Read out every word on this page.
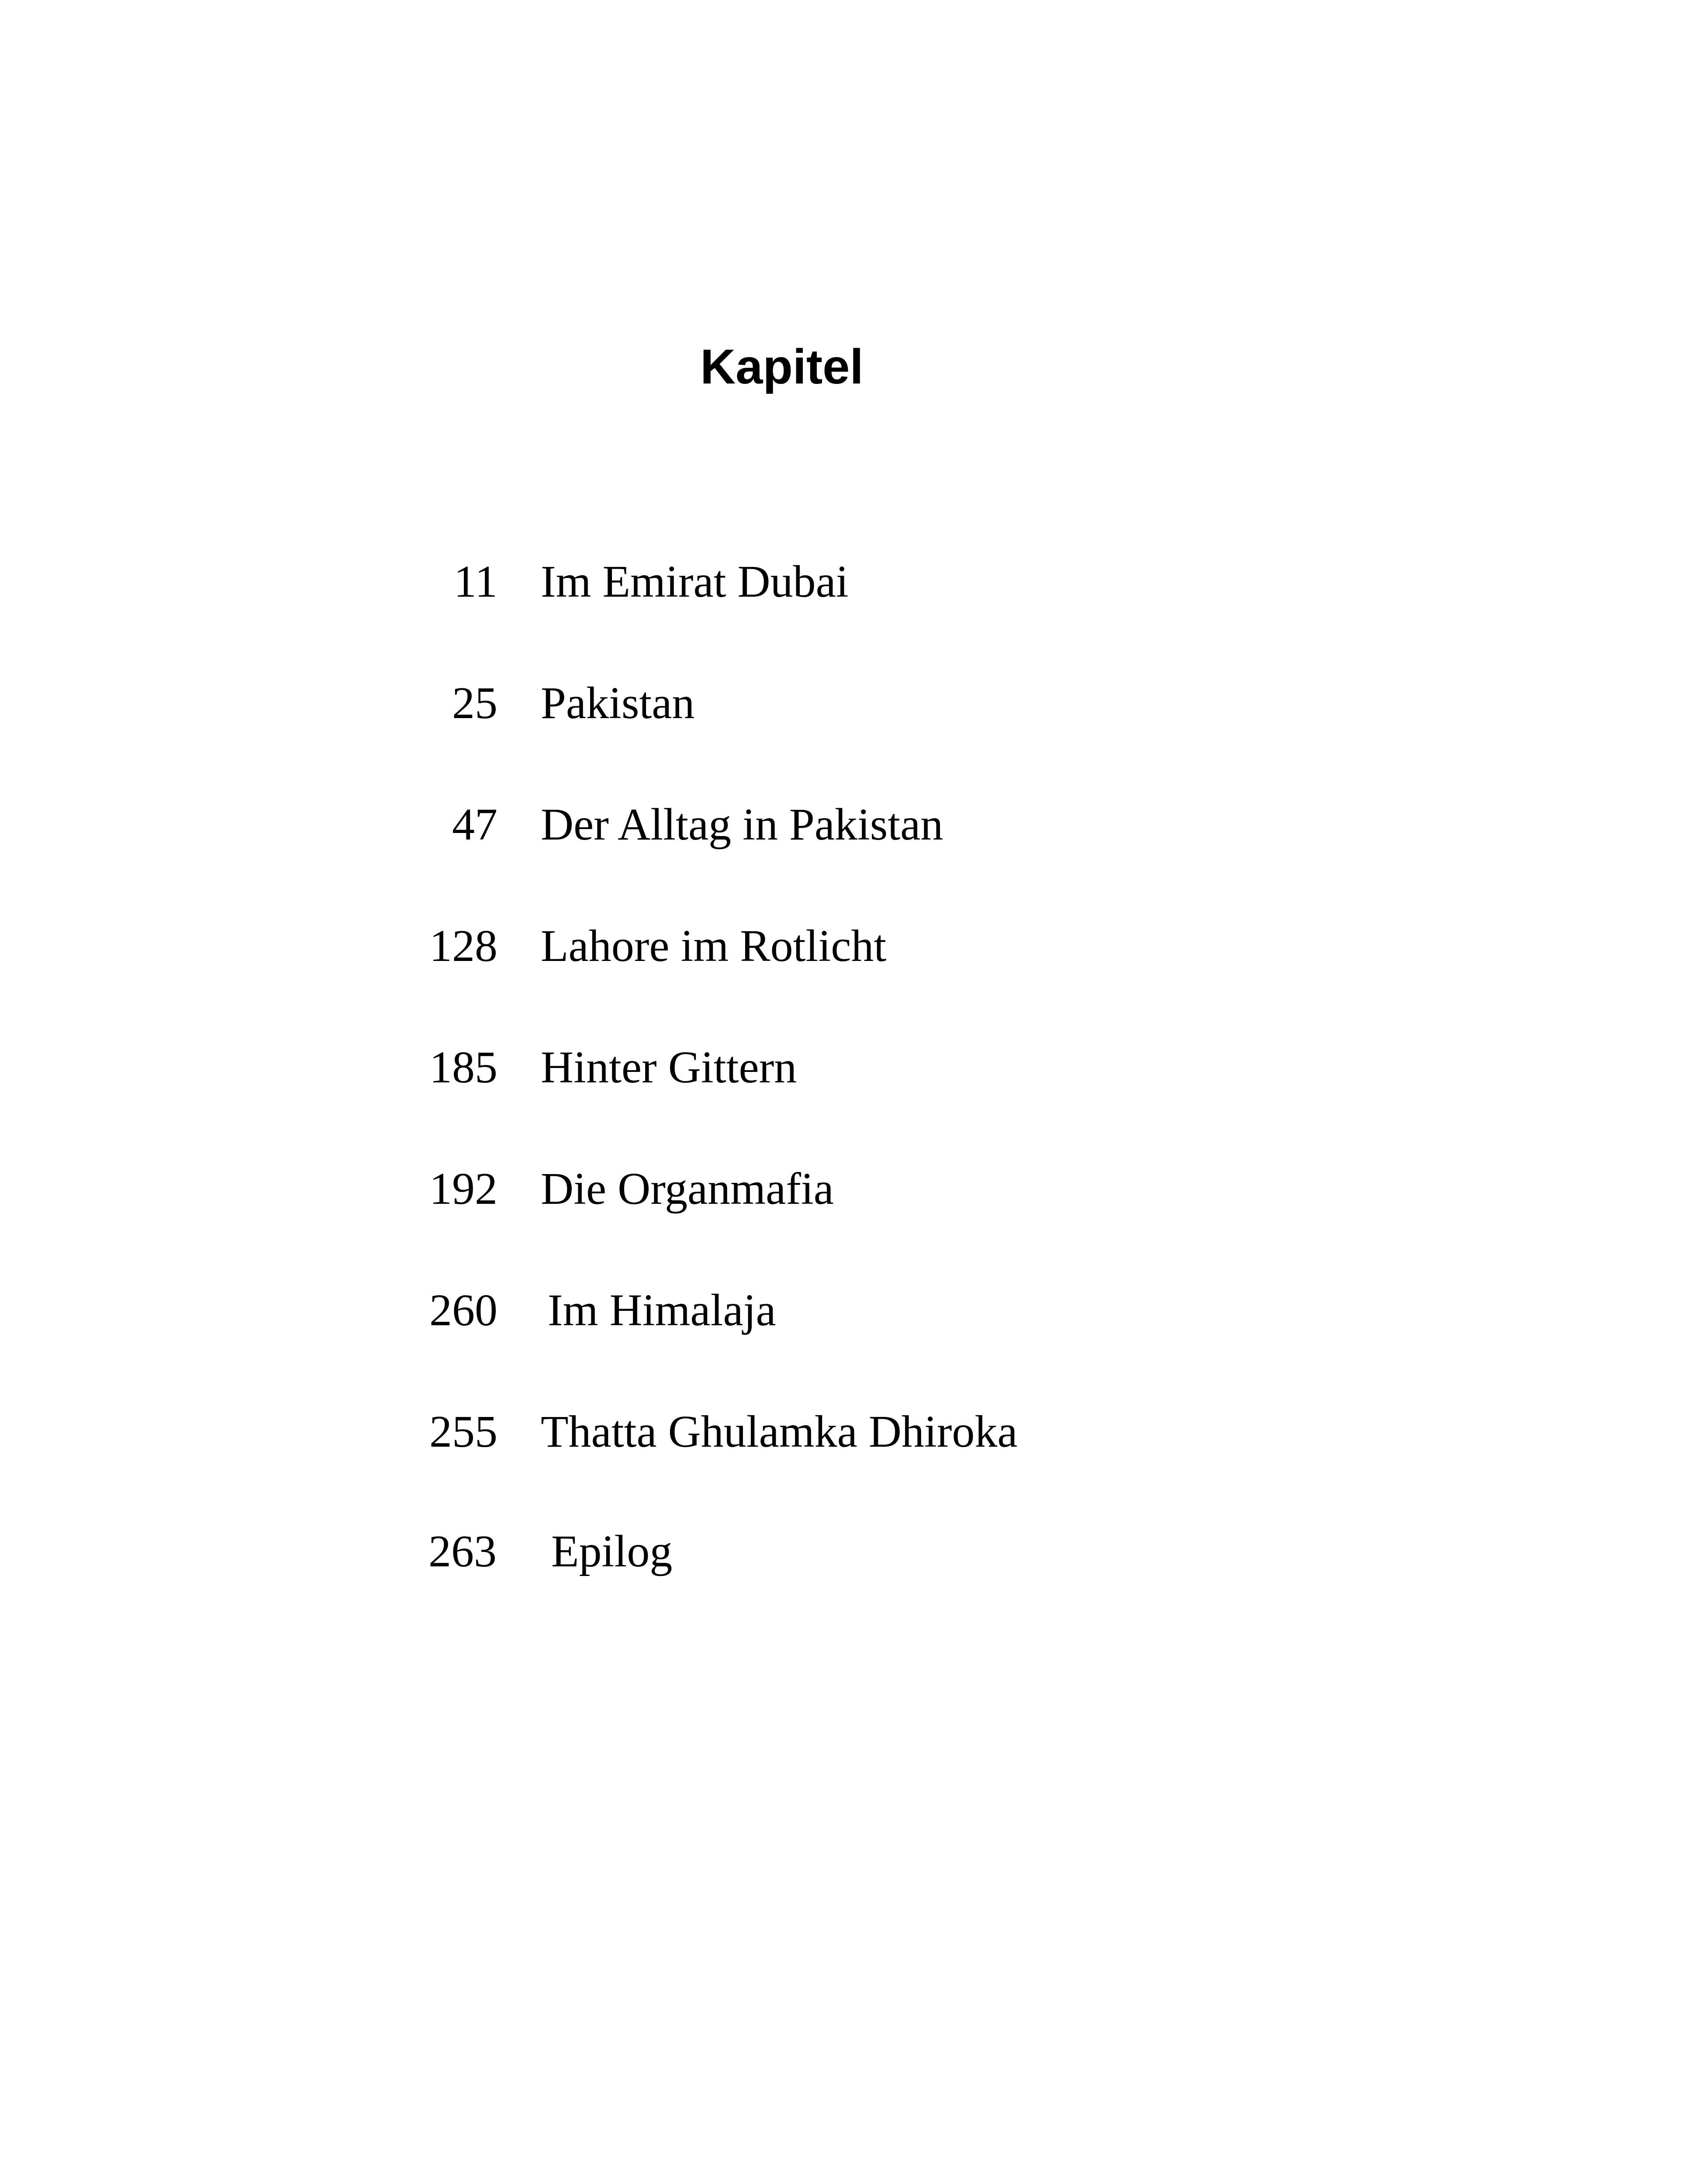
Kapitel
11 Im Emirat Dubai
25 Pakistan
47 Der Alltag in Pakistan
128 Lahore im Rotlicht
185 Hinter Gittern
192 Die Organmafia
260 Im Himalaja
255 Thatta Ghulamka Dhiroka
263 Epilog
